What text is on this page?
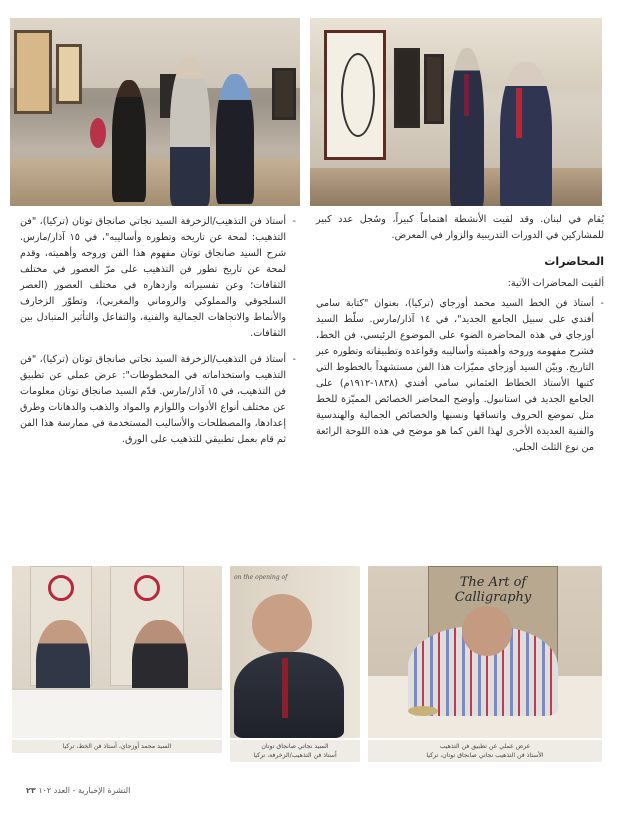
يُقام في لبنان. وقد لقيت الأنشطة اهتماماً كبيراً، وسُجل عدد كبير للمشاركين في الدورات التدريبية والزوار في المعرض.

المحاضرات

ألقيت المحاضرات الآتية:

- أستاذ فن الخط السيد محمد أوزجاي (تركيا)، بعنوان "كتابة سامي أفندي على سبيل الجامع الجديد"، في ١٤ آذار/مارس. سلّط السيد أوزجاي في هذه المحاضرة الضوء على الموضوع الرئيسي، فن الخط، فشرح مفهومه وروحه وأهميته وأساليبه وقواعده وتطبيقاته وتطوره عبر التاريخ. وبيّن السيد أوزجاي مميّزات هذا الفن مستشهداً بالخطوط التي كتبها الأستاذ الخطاط العثماني سامي أفندي (١٨٣٨-١٩١٢م) على الجامع الجديد في استانبول. وأوضح المحاضر الخصائص المميّزة للخط مثل تموضع الحروف واتساقها ونسبها والخصائص الجمالية والهندسية والفنية العديدة الأخرى لهذا الفن كما هو موضح في هذه اللوحة الرائعة من نوع الثلث الجلي.
- أستاذ فن التذهيب/الزخرفة السيد نجاتي صانجاق توتان (تركيا)، "فن التذهيب: لمحة عن تاريخه وتطوره وأساليبه"، في ١٥ آذار/مارس. شرح السيد صانجاق توتان مفهوم هذا الفن وروحه وأهميته، وقدم لمحة عن تاريخ تطور فن التذهيب على مرّ العصور في مختلف الثقافات؛ وعن تفسيراته وازدهاره في مختلف العصور (العصر السلجوقي والمملوكي والروماني والمغربي)، وتطوّر الزخارف والأنماط والاتجاهات الجمالية والفنية، والتفاعل والتأثير المتبادل بين الثقافات.
- أستاذ فن التذهيب/الزخرفة السيد نجاتي صانجاق توتان (تركيا)، "فن التذهيب واستخداماته في المخطوطات": عرض عملي عن تطبيق فن التذهيب، في ١٥ آذار/مارس. قدّم السيد صانجاق توتان معلومات عن مختلف أنواع الأدوات واللوازم والمواد والذهب والدهانات وطرق إعدادها، والمصطلحات والأساليب المستخدمة في ممارسة هذا الفن ثم قام بعمل تطبيقي للتذهيب على الورق.
The Art of Calligraphy
on the opening of
عرض عملي عن تطبيق فن التذهيب
الأستاذ فن التذهيب نجاتي صانجاق توتان، تركيا
السيد نجاتي صانجاق توتان
أستاذ فن التذهيب/الزخرفة، تركيا
السيد محمد أوزجاي، أستاذ فن الخط، تركيا
النشرة الإخبارية - العدد ١٠٢ ٢٣
